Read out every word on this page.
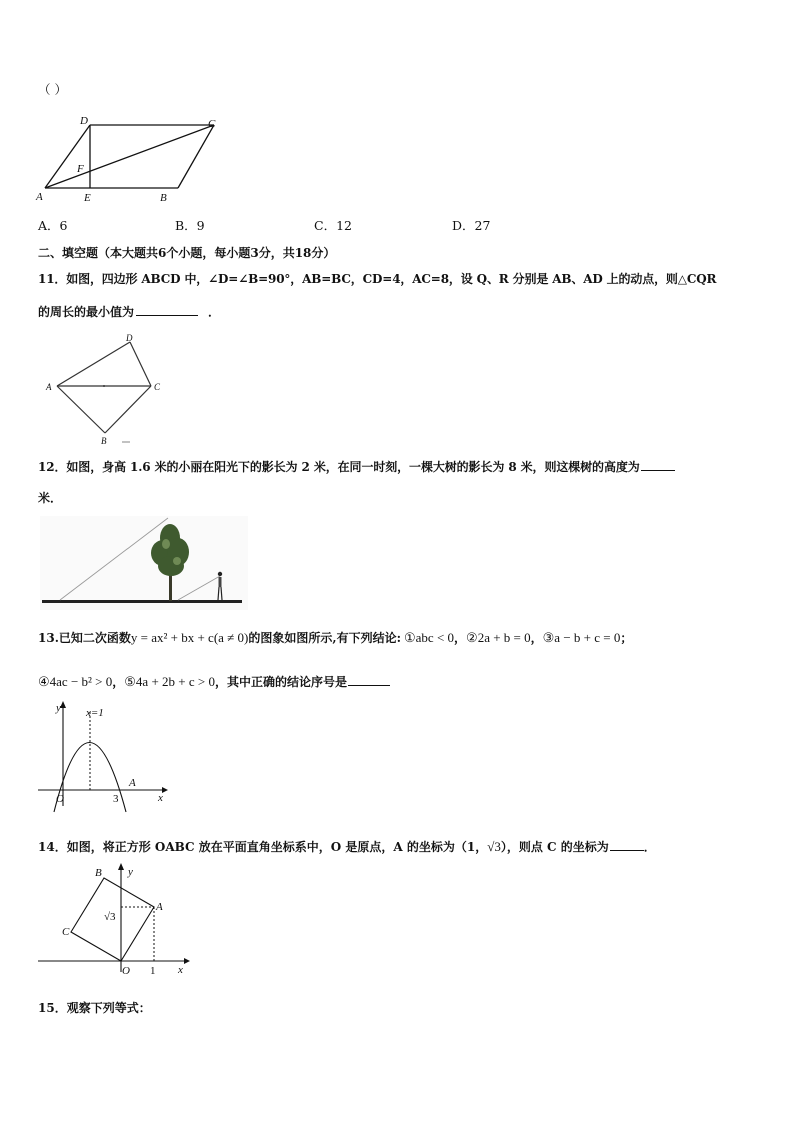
（ ）
D	C
F
A	E	B
A．6	B．9	C．12	D．27
二、填空题（本大题共6个小题，每小题3分，共18分）
11．如图，四边形 ABCD 中，∠D=∠B=90°，AB=BC，CD=4，AC=8，设 Q、R 分别是 AB、AD 上的动点，则△CQR
的周长的最小值为	．
D
A	C
B
12．如图，身高 1.6 米的小丽在阳光下的影长为 2 米，在同一时刻，一棵大树的影长为 8 米，则这棵树的高度为
米．
13.已知二次函数y = ax² + bx + c(a ≠ 0)的图象如图所示,有下列结论: ①abc < 0，②2a + b = 0，③a − b + c = 0；
④4ac − b² > 0，⑤4a + 2b + c > 0，其中正确的结论序号是
y x=1
A
O	3	x
14．如图，将正方形 OABC 放在平面直角坐标系中，O 是原点，A 的坐标为（1，√3），则点 C 的坐标为	．
B y
A
√3
C
O 1 x
15．观察下列等式：
